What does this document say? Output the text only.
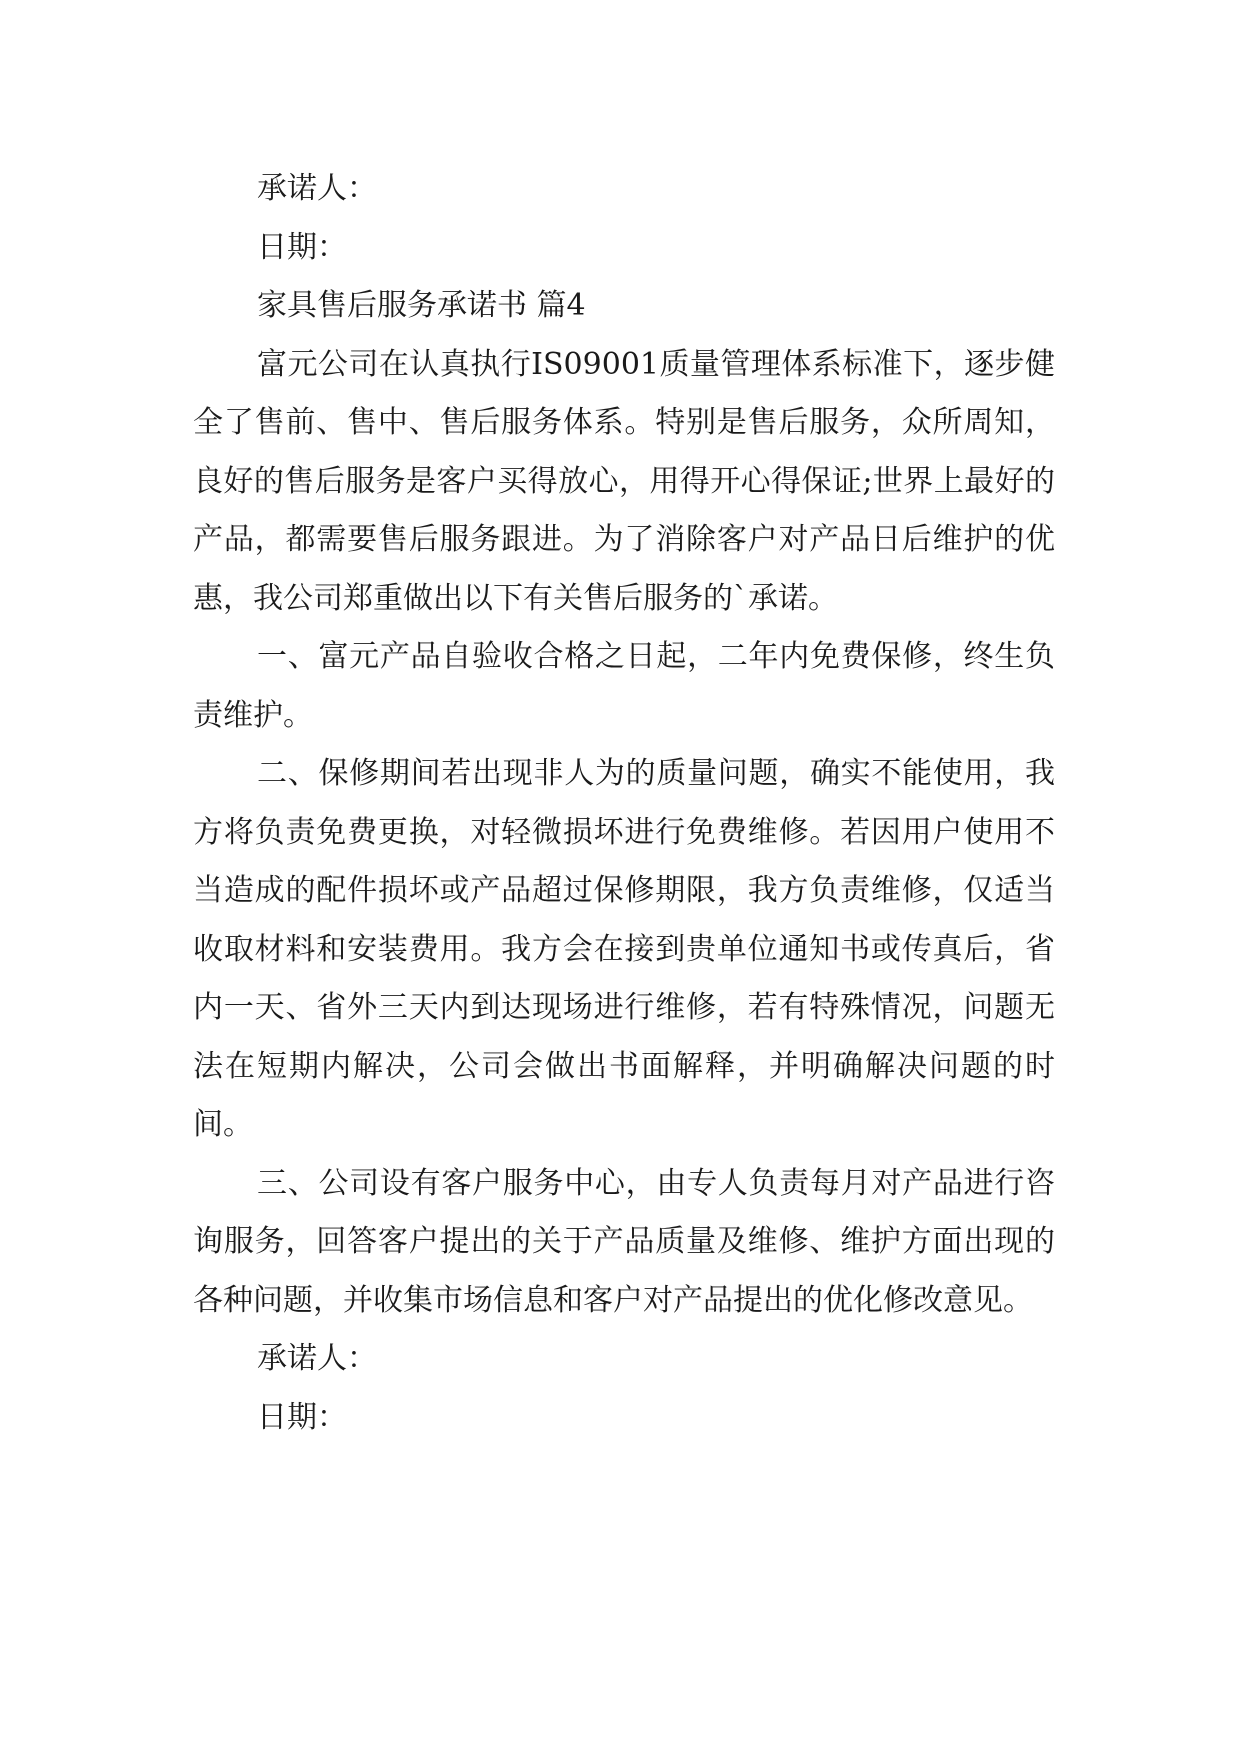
承诺人：
日期：
家具售后服务承诺书 篇4

富元公司在认真执行IS09001质量管理体系标准下，逐步健全了售前、售中、售后服务体系。特别是售后服务，众所周知，良好的售后服务是客户买得放心，用得开心得保证;世界上最好的产品，都需要售后服务跟进。为了消除客户对产品日后维护的优惠，我公司郑重做出以下有关售后服务的`承诺。

一、富元产品自验收合格之日起，二年内免费保修，终生负责维护。

二、保修期间若出现非人为的质量问题，确实不能使用，我方将负责免费更换，对轻微损坏进行免费维修。若因用户使用不当造成的配件损坏或产品超过保修期限，我方负责维修，仅适当收取材料和安装费用。我方会在接到贵单位通知书或传真后，省内一天、省外三天内到达现场进行维修，若有特殊情况，问题无法在短期内解决，公司会做出书面解释，并明确解决问题的时间。

三、公司设有客户服务中心，由专人负责每月对产品进行咨询服务，回答客户提出的关于产品质量及维修、维护方面出现的各种问题，并收集市场信息和客户对产品提出的优化修改意见。

承诺人：
日期：
